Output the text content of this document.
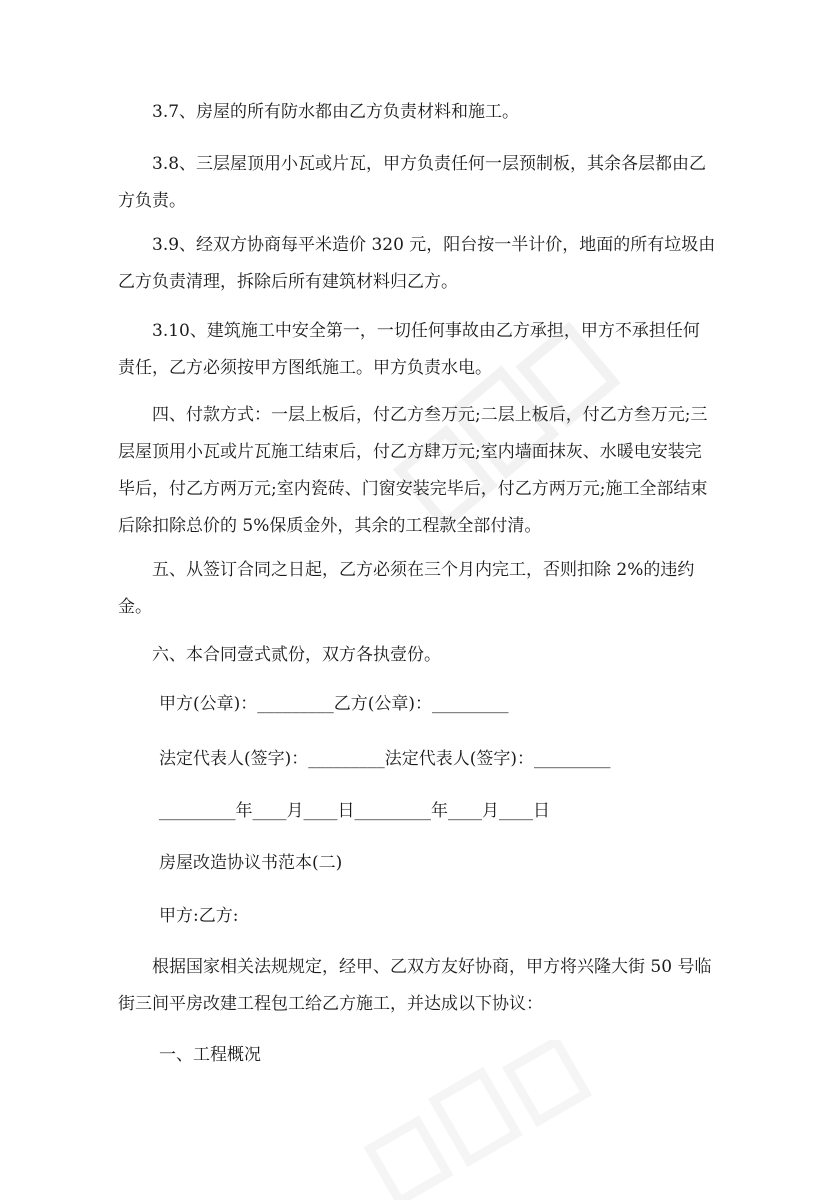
3.7、房屋的所有防水都由乙方负责材料和施工。

3.8、三层屋顶用小瓦或片瓦，甲方负责任何一层预制板，其余各层都由乙方负责。

3.9、经双方协商每平米造价 320 元，阳台按一半计价，地面的所有垃圾由乙方负责清理，拆除后所有建筑材料归乙方。

3.10、建筑施工中安全第一，一切任何事故由乙方承担，甲方不承担任何责任，乙方必须按甲方图纸施工。甲方负责水电。

四、付款方式：一层上板后，付乙方叁万元;二层上板后，付乙方叁万元;三层屋顶用小瓦或片瓦施工结束后，付乙方肆万元;室内墙面抹灰、水暖电安装完毕后，付乙方两万元;室内瓷砖、门窗安装完毕后，付乙方两万元;施工全部结束后除扣除总价的 5%保质金外，其余的工程款全部付清。

五、从签订合同之日起，乙方必须在三个月内完工，否则扣除 2%的违约金。

六、本合同壹式贰份，双方各执壹份。

甲方(公章)：_________乙方(公章)：_________

法定代表人(签字)：_________法定代表人(签字)：_________

_________年____月____日_________年____月____日

房屋改造协议书范本(二)

甲方:乙方:

根据国家相关法规规定，经甲、乙双方友好协商，甲方将兴隆大街 50 号临街三间平房改建工程包工给乙方施工，并达成以下协议：

一、工程概况
